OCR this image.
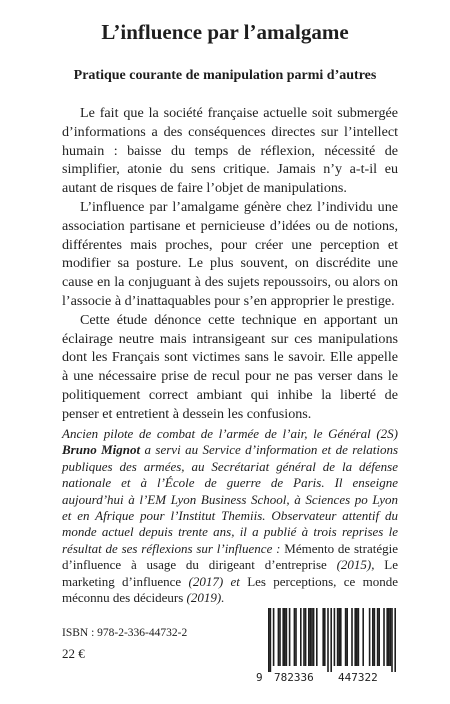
L’influence par l’amalgame
Pratique courante de manipulation parmi d’autres

Le fait que la société française actuelle soit submergée d’informations a des conséquences directes sur l’intellect humain : baisse du temps de réflexion, nécessité de simplifier, atonie du sens critique. Jamais n’y a-t-il eu autant de risques de faire l’objet de manipulations.

L’influence par l’amalgame génère chez l’individu une association partisane et pernicieuse d’idées ou de notions, différentes mais proches, pour créer une perception et modifier sa posture. Le plus souvent, on discrédite une cause en la conjuguant à des sujets repoussoirs, ou alors on l’associe à d’inattaquables pour s’en approprier le prestige.

Cette étude dénonce cette technique en apportant un éclairage neutre mais intransigeant sur ces manipulations dont les Français sont victimes sans le savoir. Elle appelle à une nécessaire prise de recul pour ne pas verser dans le politiquement correct ambiant qui inhibe la liberté de penser et entretient à dessein les confusions.

Ancien pilote de combat de l’armée de l’air, le Général (2S) Bruno Mignot a servi au Service d’information et de relations publiques des armées, au Secrétariat général de la défense nationale et à l’École de guerre de Paris. Il enseigne aujourd’hui à l’EM Lyon Business School, à Sciences po Lyon et en Afrique pour l’Institut Themiis. Observateur attentif du monde actuel depuis trente ans, il a publié à trois reprises le résultat de ses réflexions sur l’influence : Mémento de stratégie d’influence à usage du dirigeant d’entreprise (2015), Le marketing d’influence (2017) et Les perceptions, ce monde méconnu des décideurs (2019).
ISBN : 978-2-336-44732-2
22 €
9 782336 447322
